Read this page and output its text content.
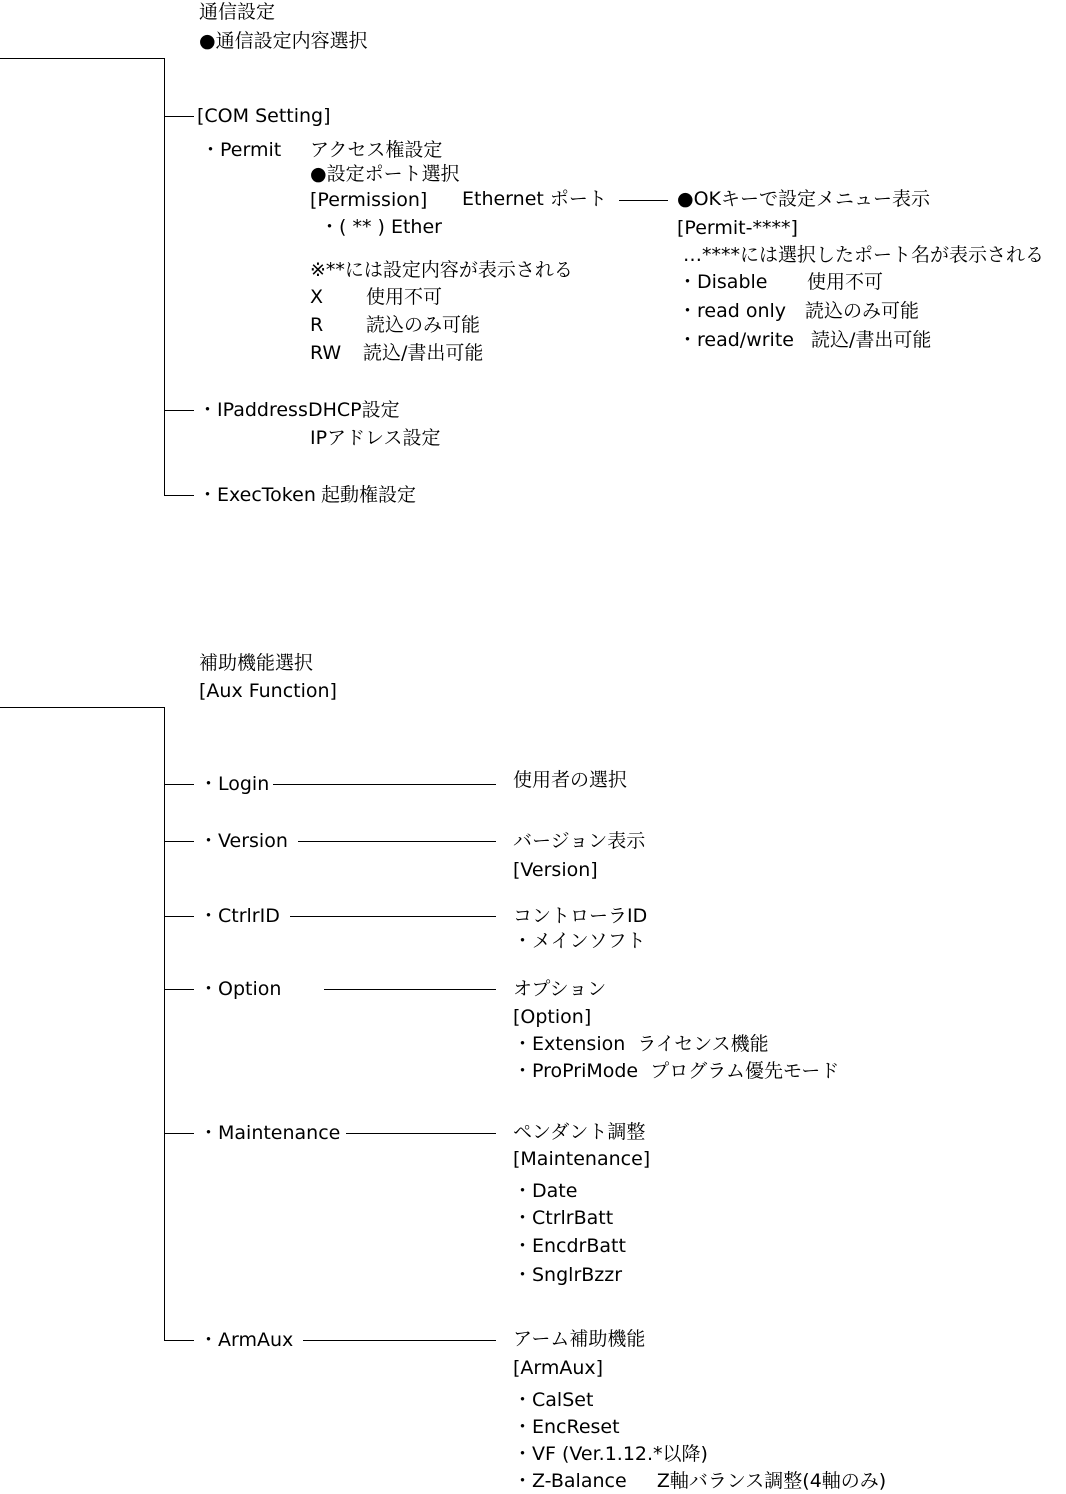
通信設定
●通信設定内容選択
[COM Setting]
・Permit アクセス権設定
●設定ポート選択
[Permission] Ethernet ポート
・( ** ) Ether
※**には設定内容が表示される
X 使用不可
R 読込のみ可能
RW 読込/書出可能
●OKキーで設定メニュー表示
[Permit-****]
…****には選択したポート名が表示される
・Disable 使用不可
・read only 読込のみ可能
・read/write 読込/書出可能
・IPaddress DHCP設定
IPアドレス設定
・ExecToken 起動権設定
補助機能選択
[Aux Function]
・Login	使用者の選択
・Version	バージョン表示
[Version]
・CtrlrID	コントローラID
・メインソフト
・Option	オプション
[Option]
・Extension  ライセンス機能
・ProPriMode  プログラム優先モード
・Maintenance	ペンダント調整
[Maintenance]
・Date
・CtrlrBatt
・EncdrBatt
・SnglrBzzr
・ArmAux	アーム補助機能
[ArmAux]
・CalSet
・EncReset
・VF (Ver.1.12.*以降)
・Z-Balance     Z軸バランス調整(4軸のみ)
